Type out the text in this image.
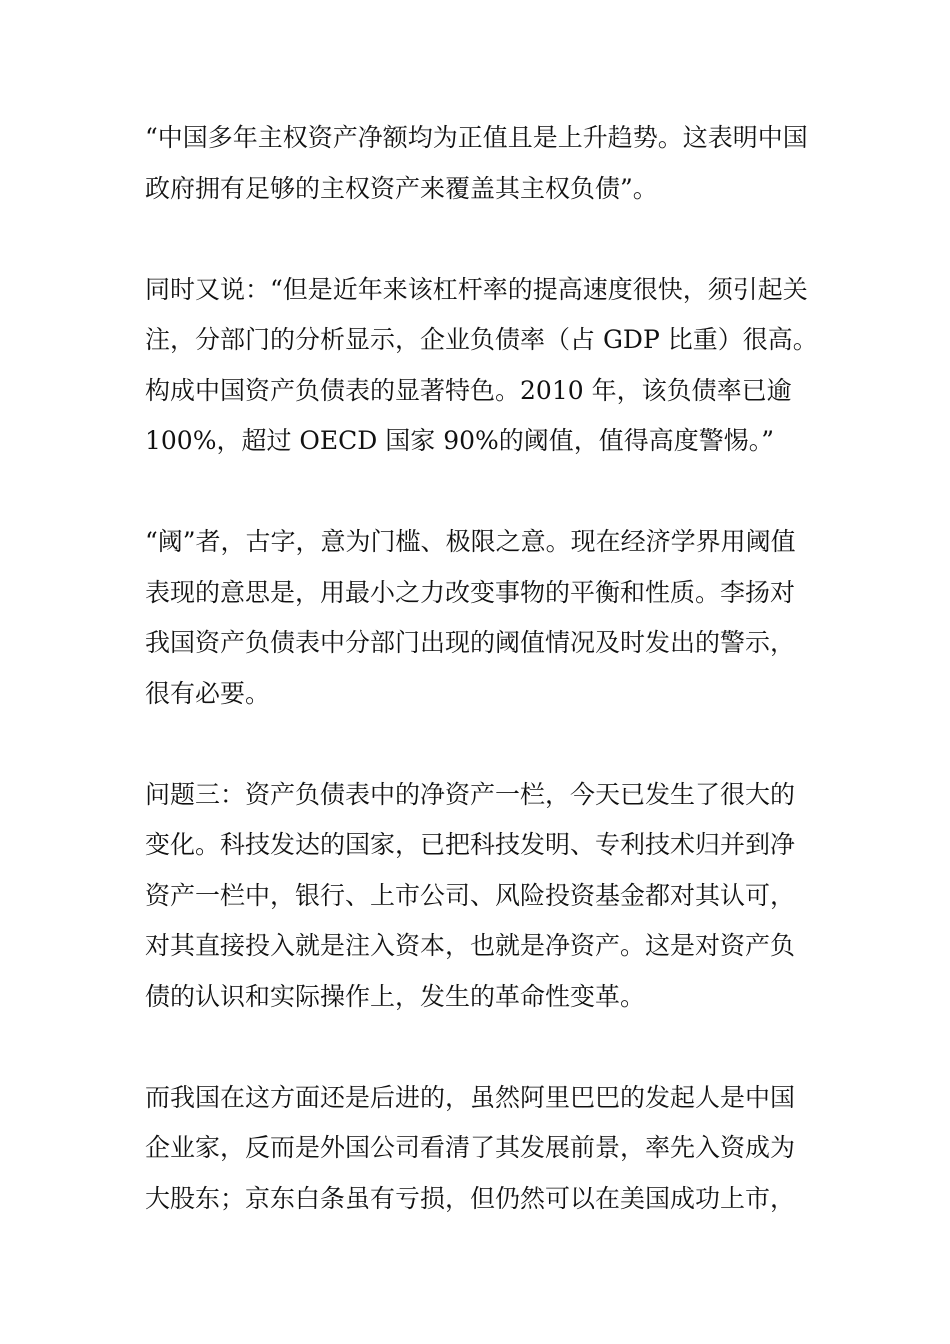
“中国多年主权资产净额均为正值且是上升趋势。这表明中国
政府拥有足够的主权资产来覆盖其主权负债”。

同时又说：“但是近年来该杠杆率的提高速度很快，须引起关
注，分部门的分析显示，企业负债率（占 GDP 比重）很高。
构成中国资产负债表的显著特色。2010 年，该负债率已逾
100%，超过 OECD 国家 90%的阈值，值得高度警惕。”

“阈”者，古字，意为门槛、极限之意。现在经济学界用阈值
表现的意思是，用最小之力改变事物的平衡和性质。李扬对
我国资产负债表中分部门出现的阈值情况及时发出的警示，
很有必要。

问题三：资产负债表中的净资产一栏，今天已发生了很大的
变化。科技发达的国家，已把科技发明、专利技术归并到净
资产一栏中，银行、上市公司、风险投资基金都对其认可，
对其直接投入就是注入资本，也就是净资产。这是对资产负
债的认识和实际操作上，发生的革命性变革。

而我国在这方面还是后进的，虽然阿里巴巴的发起人是中国
企业家，反而是外国公司看清了其发展前景，率先入资成为
大股东；京东白条虽有亏损，但仍然可以在美国成功上市，
